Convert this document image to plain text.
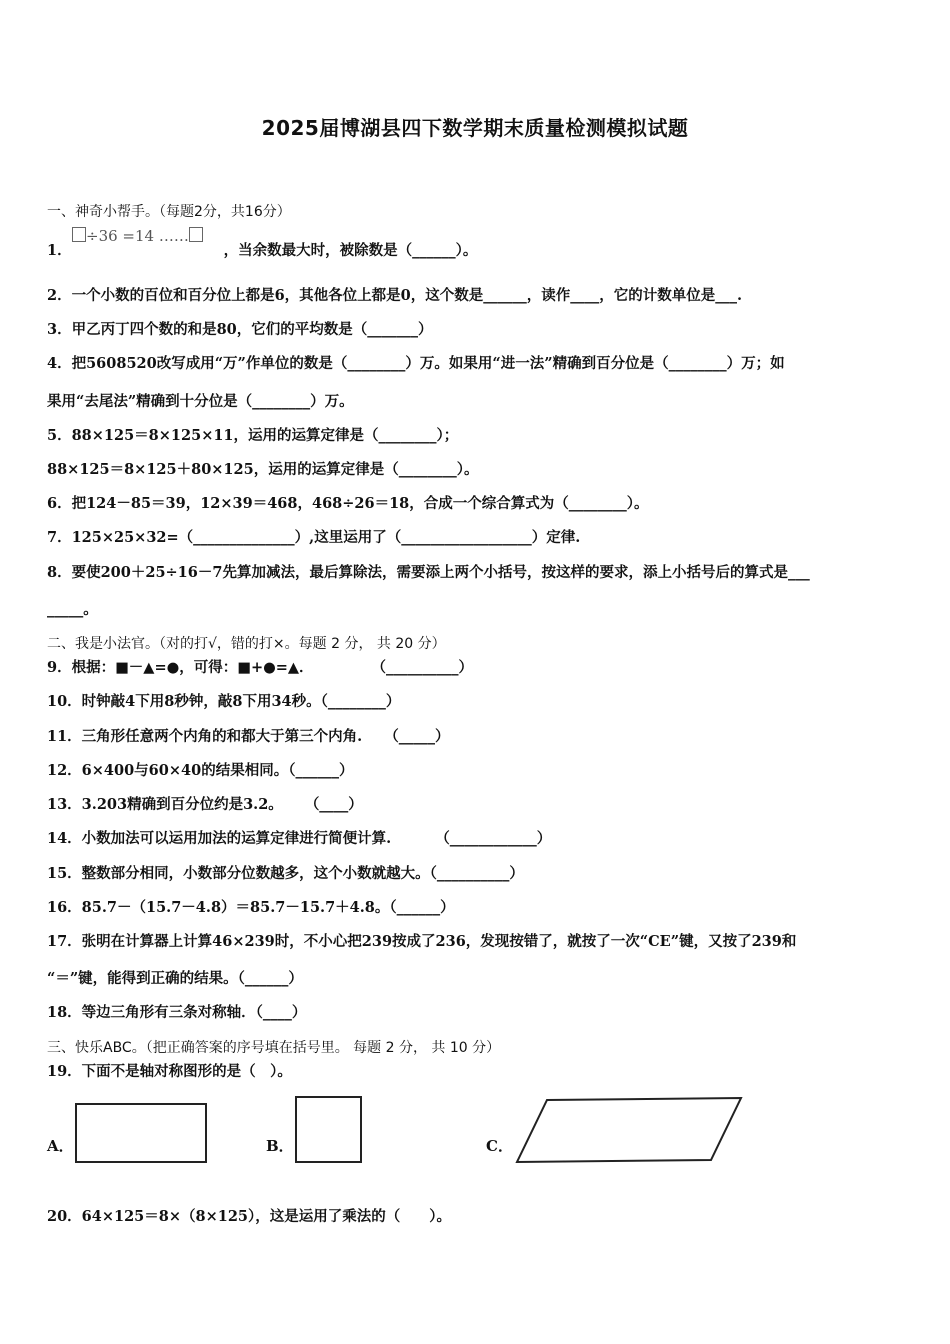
2025届博湖县四下数学期末质量检测模拟试题
一、神奇小帮手。（每题2分，共16分）
÷36 =14 ……
1．	，当余数最大时，被除数是（______）。
2．一个小数的百位和百分位上都是6，其他各位上都是0，这个数是______，读作____，它的计数单位是___.
3．甲乙丙丁四个数的和是80，它们的平均数是（_______）
4．把5608520改写成用“万”作单位的数是（________）万。如果用“进一法”精确到百分位是（________）万；如
果用“去尾法”精确到十分位是（________）万。
5．88×125＝8×125×11，运用的运算定律是（________）；
88×125＝8×125＋80×125，运用的运算定律是（________）。
6．把124－85＝39，12×39＝468，468÷26＝18，合成一个综合算式为（________）。
7．125×25×32=（______________）,这里运用了（__________________）定律.
8．要使200＋25÷16－7先算加减法，最后算除法，需要添上两个小括号，按这样的要求，添上小括号后的算式是___
_____。
二、我是小法官。（对的打√，错的打×。每题 2 分， 共 20 分）
9．根据：■－▲=●，可得：■+●=▲．	（__________）
10．时钟敲4下用8秒钟，敲8下用34秒。（________）
11．三角形任意两个内角的和都大于第三个内角. （_____）
12．6×400与60×40的结果相同。（______）
13．3.203精确到百分位约是3.2。 （____）
14．小数加法可以运用加法的运算定律进行简便计算.	（____________）
15．整数部分相同，小数部分位数越多，这个小数就越大。（__________）
16．85.7－（15.7－4.8）＝85.7－15.7＋4.8。（______）
17．张明在计算器上计算46×239时，不小心把239按成了236，发现按错了，就按了一次“CE”键，又按了239和
“＝”键，能得到正确的结果。（______）
18．等边三角形有三条对称轴．（____）
三、快乐ABC。（把正确答案的序号填在括号里。 每题 2 分， 共 10 分）
19．下面不是轴对称图形的是（　）。
A．	B．	C．
20．64×125＝8×（8×125），这是运用了乘法的（　　）。
